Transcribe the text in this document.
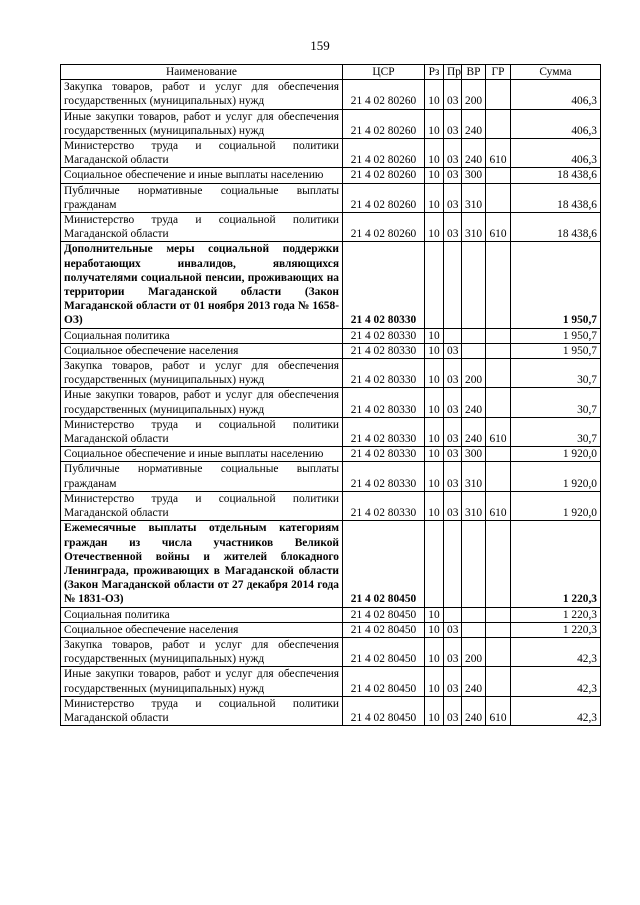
159
Наименование	ЦСР	Рз	Пр	ВР	ГР	Сумма
Закупка товаров, работ и услуг для обеспечения государственных (муниципальных) нужд	21 4 02 80260	10	03	200		406,3
Иные закупки товаров, работ и услуг для обеспечения государственных (муниципальных) нужд	21 4 02 80260	10	03	240		406,3
Министерство труда и социальной политики Магаданской области	21 4 02 80260	10	03	240	610	406,3
Социальное обеспечение и иные выплаты населению	21 4 02 80260	10	03	300		18 438,6
Публичные нормативные социальные выплаты гражданам	21 4 02 80260	10	03	310		18 438,6
Министерство труда и социальной политики Магаданской области	21 4 02 80260	10	03	310	610	18 438,6
Дополнительные меры социальной поддержки неработающих инвалидов, являющихся получателями социальной пенсии, проживающих на территории Магаданской области (Закон Магаданской области от 01 ноября 2013 года № 1658-ОЗ)	21 4 02 80330					1 950,7
Социальная политика	21 4 02 80330	10				1 950,7
Социальное обеспечение населения	21 4 02 80330	10	03			1 950,7
Закупка товаров, работ и услуг для обеспечения государственных (муниципальных) нужд	21 4 02 80330	10	03	200		30,7
Иные закупки товаров, работ и услуг для обеспечения государственных (муниципальных) нужд	21 4 02 80330	10	03	240		30,7
Министерство труда и социальной политики Магаданской области	21 4 02 80330	10	03	240	610	30,7
Социальное обеспечение и иные выплаты населению	21 4 02 80330	10	03	300		1 920,0
Публичные нормативные социальные выплаты гражданам	21 4 02 80330	10	03	310		1 920,0
Министерство труда и социальной политики Магаданской области	21 4 02 80330	10	03	310	610	1 920,0
Ежемесячные выплаты отдельным категориям граждан из числа участников Великой Отечественной войны и жителей блокадного Ленинграда, проживающих в Магаданской области (Закон Магаданской области от 27 декабря 2014 года № 1831-ОЗ)	21 4 02 80450					1 220,3
Социальная политика	21 4 02 80450	10				1 220,3
Социальное обеспечение населения	21 4 02 80450	10	03			1 220,3
Закупка товаров, работ и услуг для обеспечения государственных (муниципальных) нужд	21 4 02 80450	10	03	200		42,3
Иные закупки товаров, работ и услуг для обеспечения государственных (муниципальных) нужд	21 4 02 80450	10	03	240		42,3
Министерство труда и социальной политики Магаданской области	21 4 02 80450	10	03	240	610	42,3
